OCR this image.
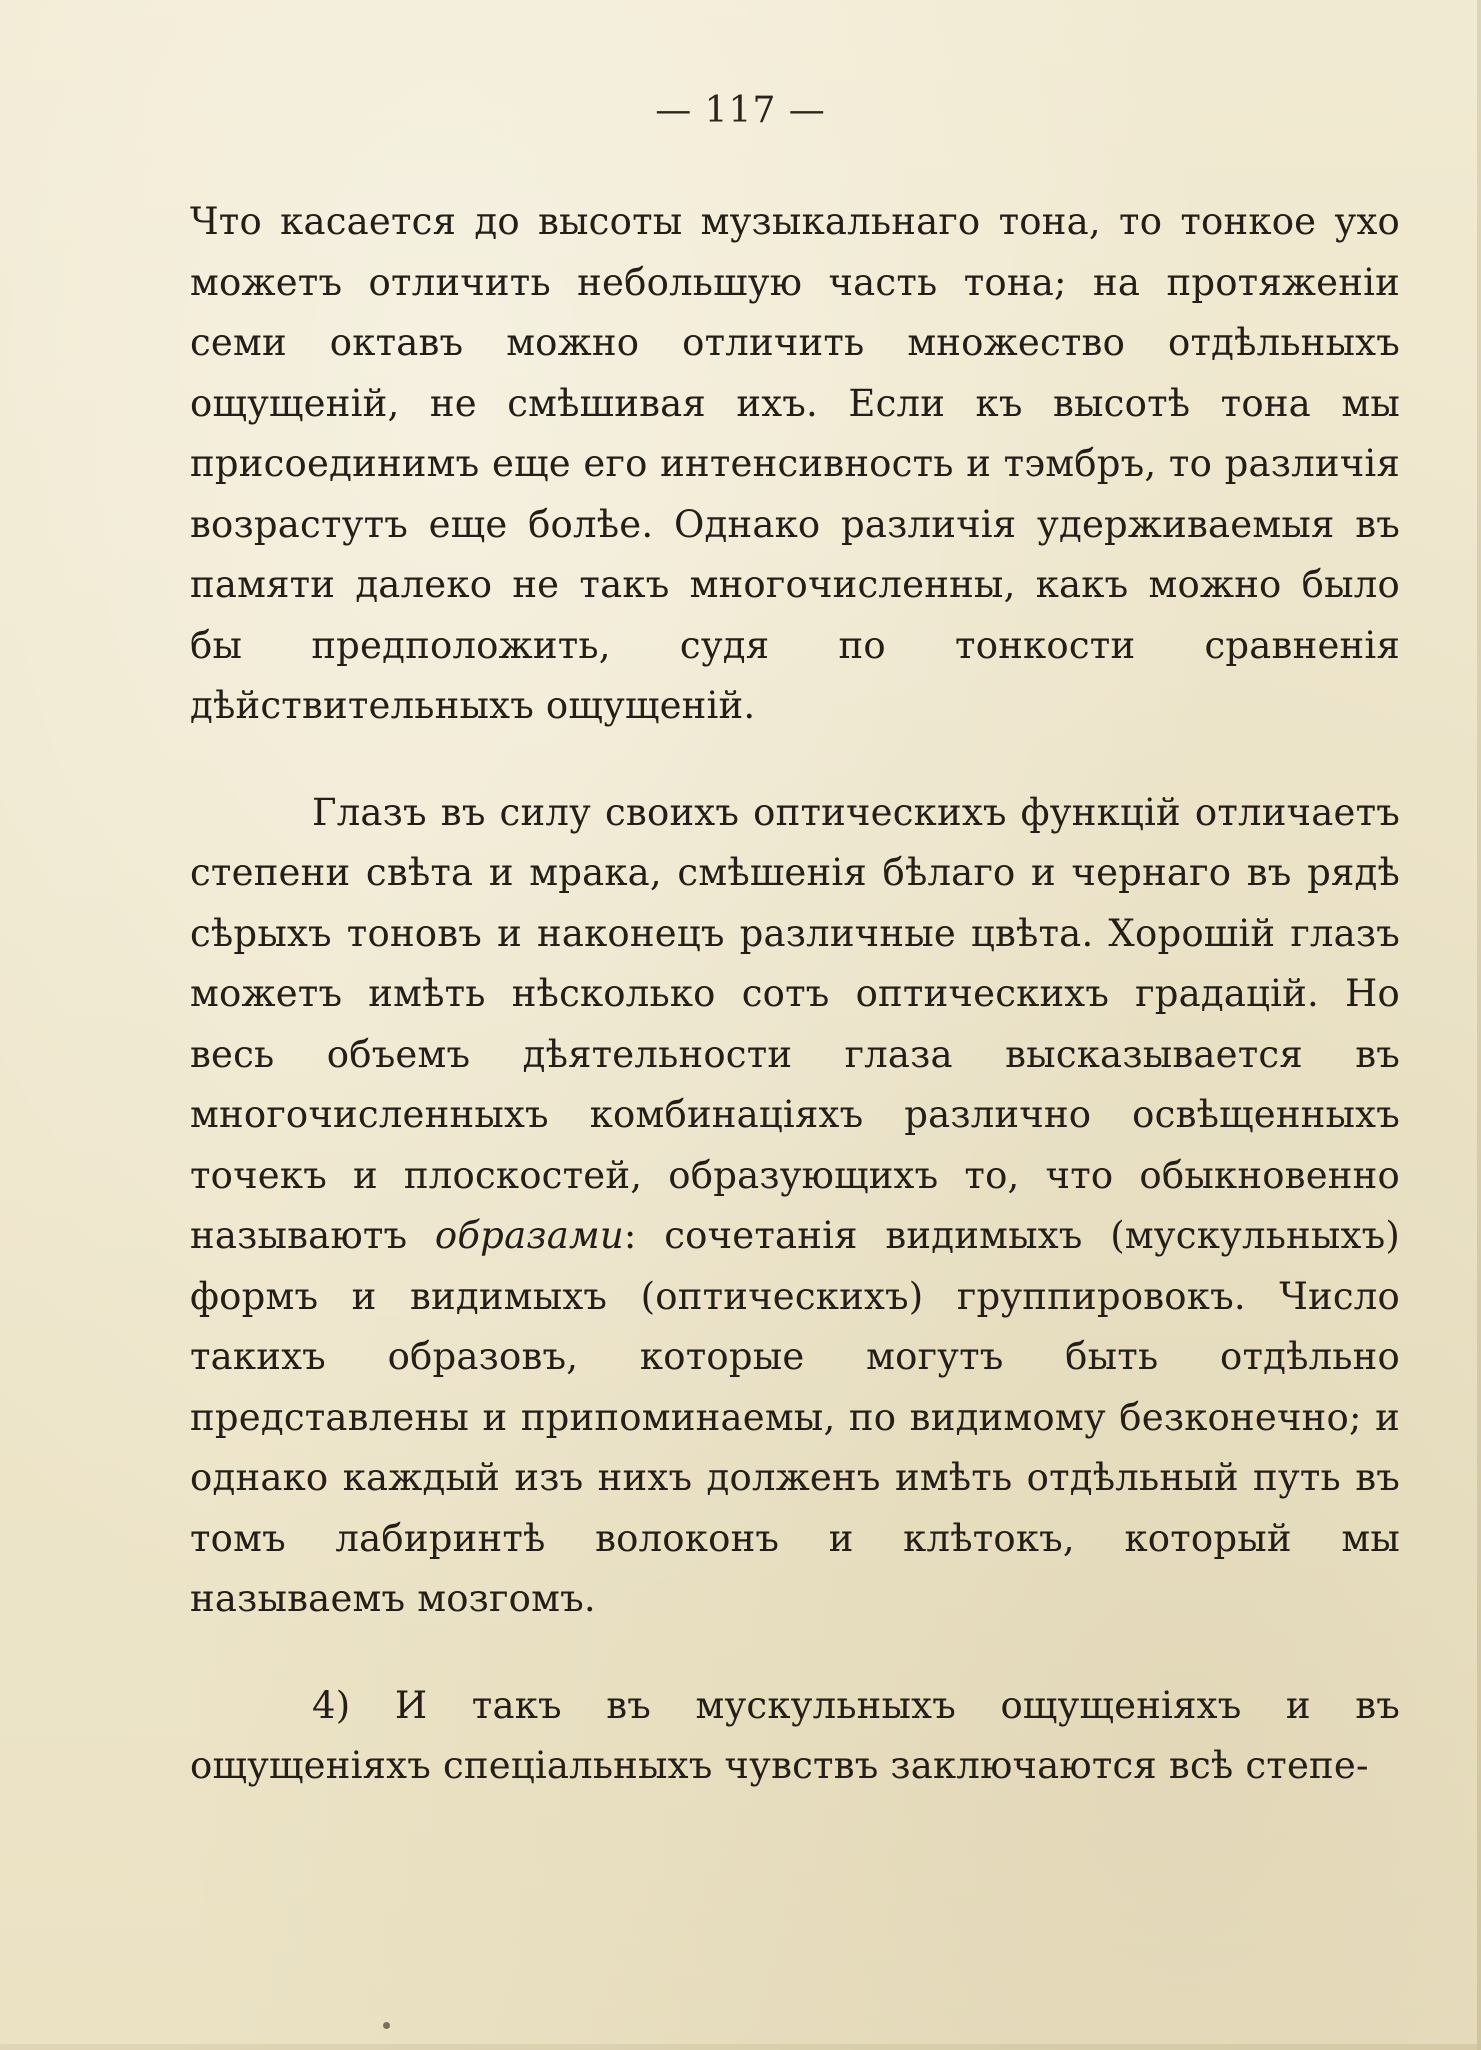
— 117 —

Что касается до высоты музыкальнаго тона, то тонкое ухо можетъ отличить небольшую часть тона; на протяженіи семи октавъ можно отличить множество отдѣльныхъ ощущеній, не смѣшивая ихъ. Если къ высотѣ тона мы присоединимъ еще его интенсивность и тэмбръ, то различія возрастутъ еще болѣе. Однако различія удерживаемыя въ памяти далеко не такъ многочисленны, какъ можно было бы предположить, судя по тонкости сравненія дѣйствительныхъ ощущеній.

Глазъ въ силу своихъ оптическихъ функцій отличаетъ степени свѣта и мрака, смѣшенія бѣлаго и чернаго въ рядѣ сѣрыхъ тоновъ и наконецъ различные цвѣта. Хорошій глазъ можетъ имѣть нѣсколько сотъ оптическихъ градацій. Но весь объемъ дѣятельности глаза высказывается въ многочисленныхъ комбинаціяхъ различно освѣщенныхъ точекъ и плоскостей, образующихъ то, что обыкновенно называютъ образами: сочетанія видимыхъ (мускульныхъ) формъ и видимыхъ (оптическихъ) группировокъ. Число такихъ образовъ, которые могутъ быть отдѣльно представлены и припоминаемы, по видимому безконечно; и однако каждый изъ нихъ долженъ имѣть отдѣльный путь въ томъ лабиринтѣ волоконъ и клѣтокъ, который мы называемъ мозгомъ.

4) И такъ въ мускульныхъ ощущеніяхъ и въ ощущеніяхъ спеціальныхъ чувствъ заключаются всѣ степе-
